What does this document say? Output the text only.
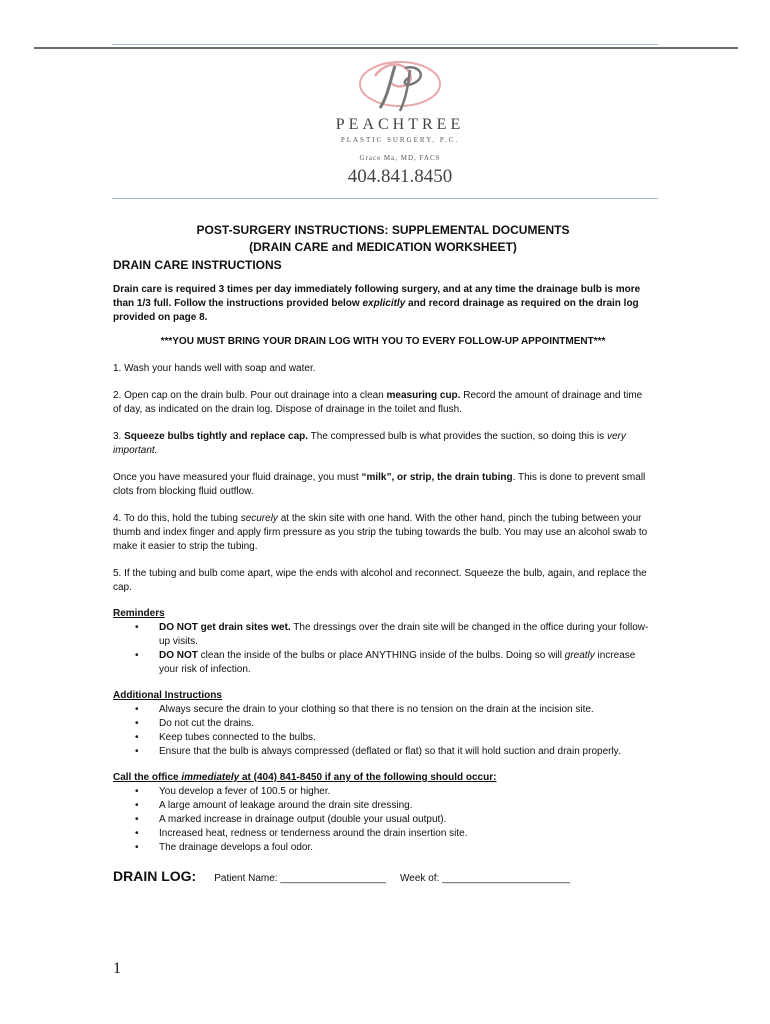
PEACHTREE
PLASTIC SURGERY, P.C.
Grace Ma, MD, FACS
404.841.8450
POST-SURGERY INSTRUCTIONS: SUPPLEMENTAL DOCUMENTS
(DRAIN CARE and MEDICATION WORKSHEET)
DRAIN CARE INSTRUCTIONS

Drain care is required 3 times per day immediately following surgery, and at any time the drainage bulb is more than 1/3 full. Follow the instructions provided below explicitly and record drainage as required on the drain log provided on page 8.

***YOU MUST BRING YOUR DRAIN LOG WITH YOU TO EVERY FOLLOW-UP APPOINTMENT***

1. Wash your hands well with soap and water.

2. Open cap on the drain bulb. Pour out drainage into a clean measuring cup. Record the amount of drainage and time of day, as indicated on the drain log. Dispose of drainage in the toilet and flush.

3. Squeeze bulbs tightly and replace cap. The compressed bulb is what provides the suction, so doing this is very important.

Once you have measured your fluid drainage, you must “milk”, or strip, the drain tubing. This is done to prevent small clots from blocking fluid outflow.

4. To do this, hold the tubing securely at the skin site with one hand. With the other hand, pinch the tubing between your thumb and index finger and apply firm pressure as you strip the tubing towards the bulb. You may use an alcohol swab to make it easier to strip the tubing.

5. If the tubing and bulb come apart, wipe the ends with alcohol and reconnect. Squeeze the bulb, again, and replace the cap.

Reminders
• DO NOT get drain sites wet. The dressings over the drain site will be changed in the office during your follow-up visits.
• DO NOT clean the inside of the bulbs or place ANYTHING inside of the bulbs. Doing so will greatly increase your risk of infection.
Additional Instructions
• Always secure the drain to your clothing so that there is no tension on the drain at the incision site.
• Do not cut the drains.
• Keep tubes connected to the bulbs.
• Ensure that the bulb is always compressed (deflated or flat) so that it will hold suction and drain properly.
Call the office immediately at (404) 841-8450 if any of the following should occur:
• You develop a fever of 100.5 or higher.
• A large amount of leakage around the drain site dressing.
• A marked increase in drainage output (double your usual output).
• Increased heat, redness or tenderness around the drain insertion site.
• The drainage develops a foul odor.
DRAIN LOG: Patient Name: ___________________ Week of: _______________________
1
